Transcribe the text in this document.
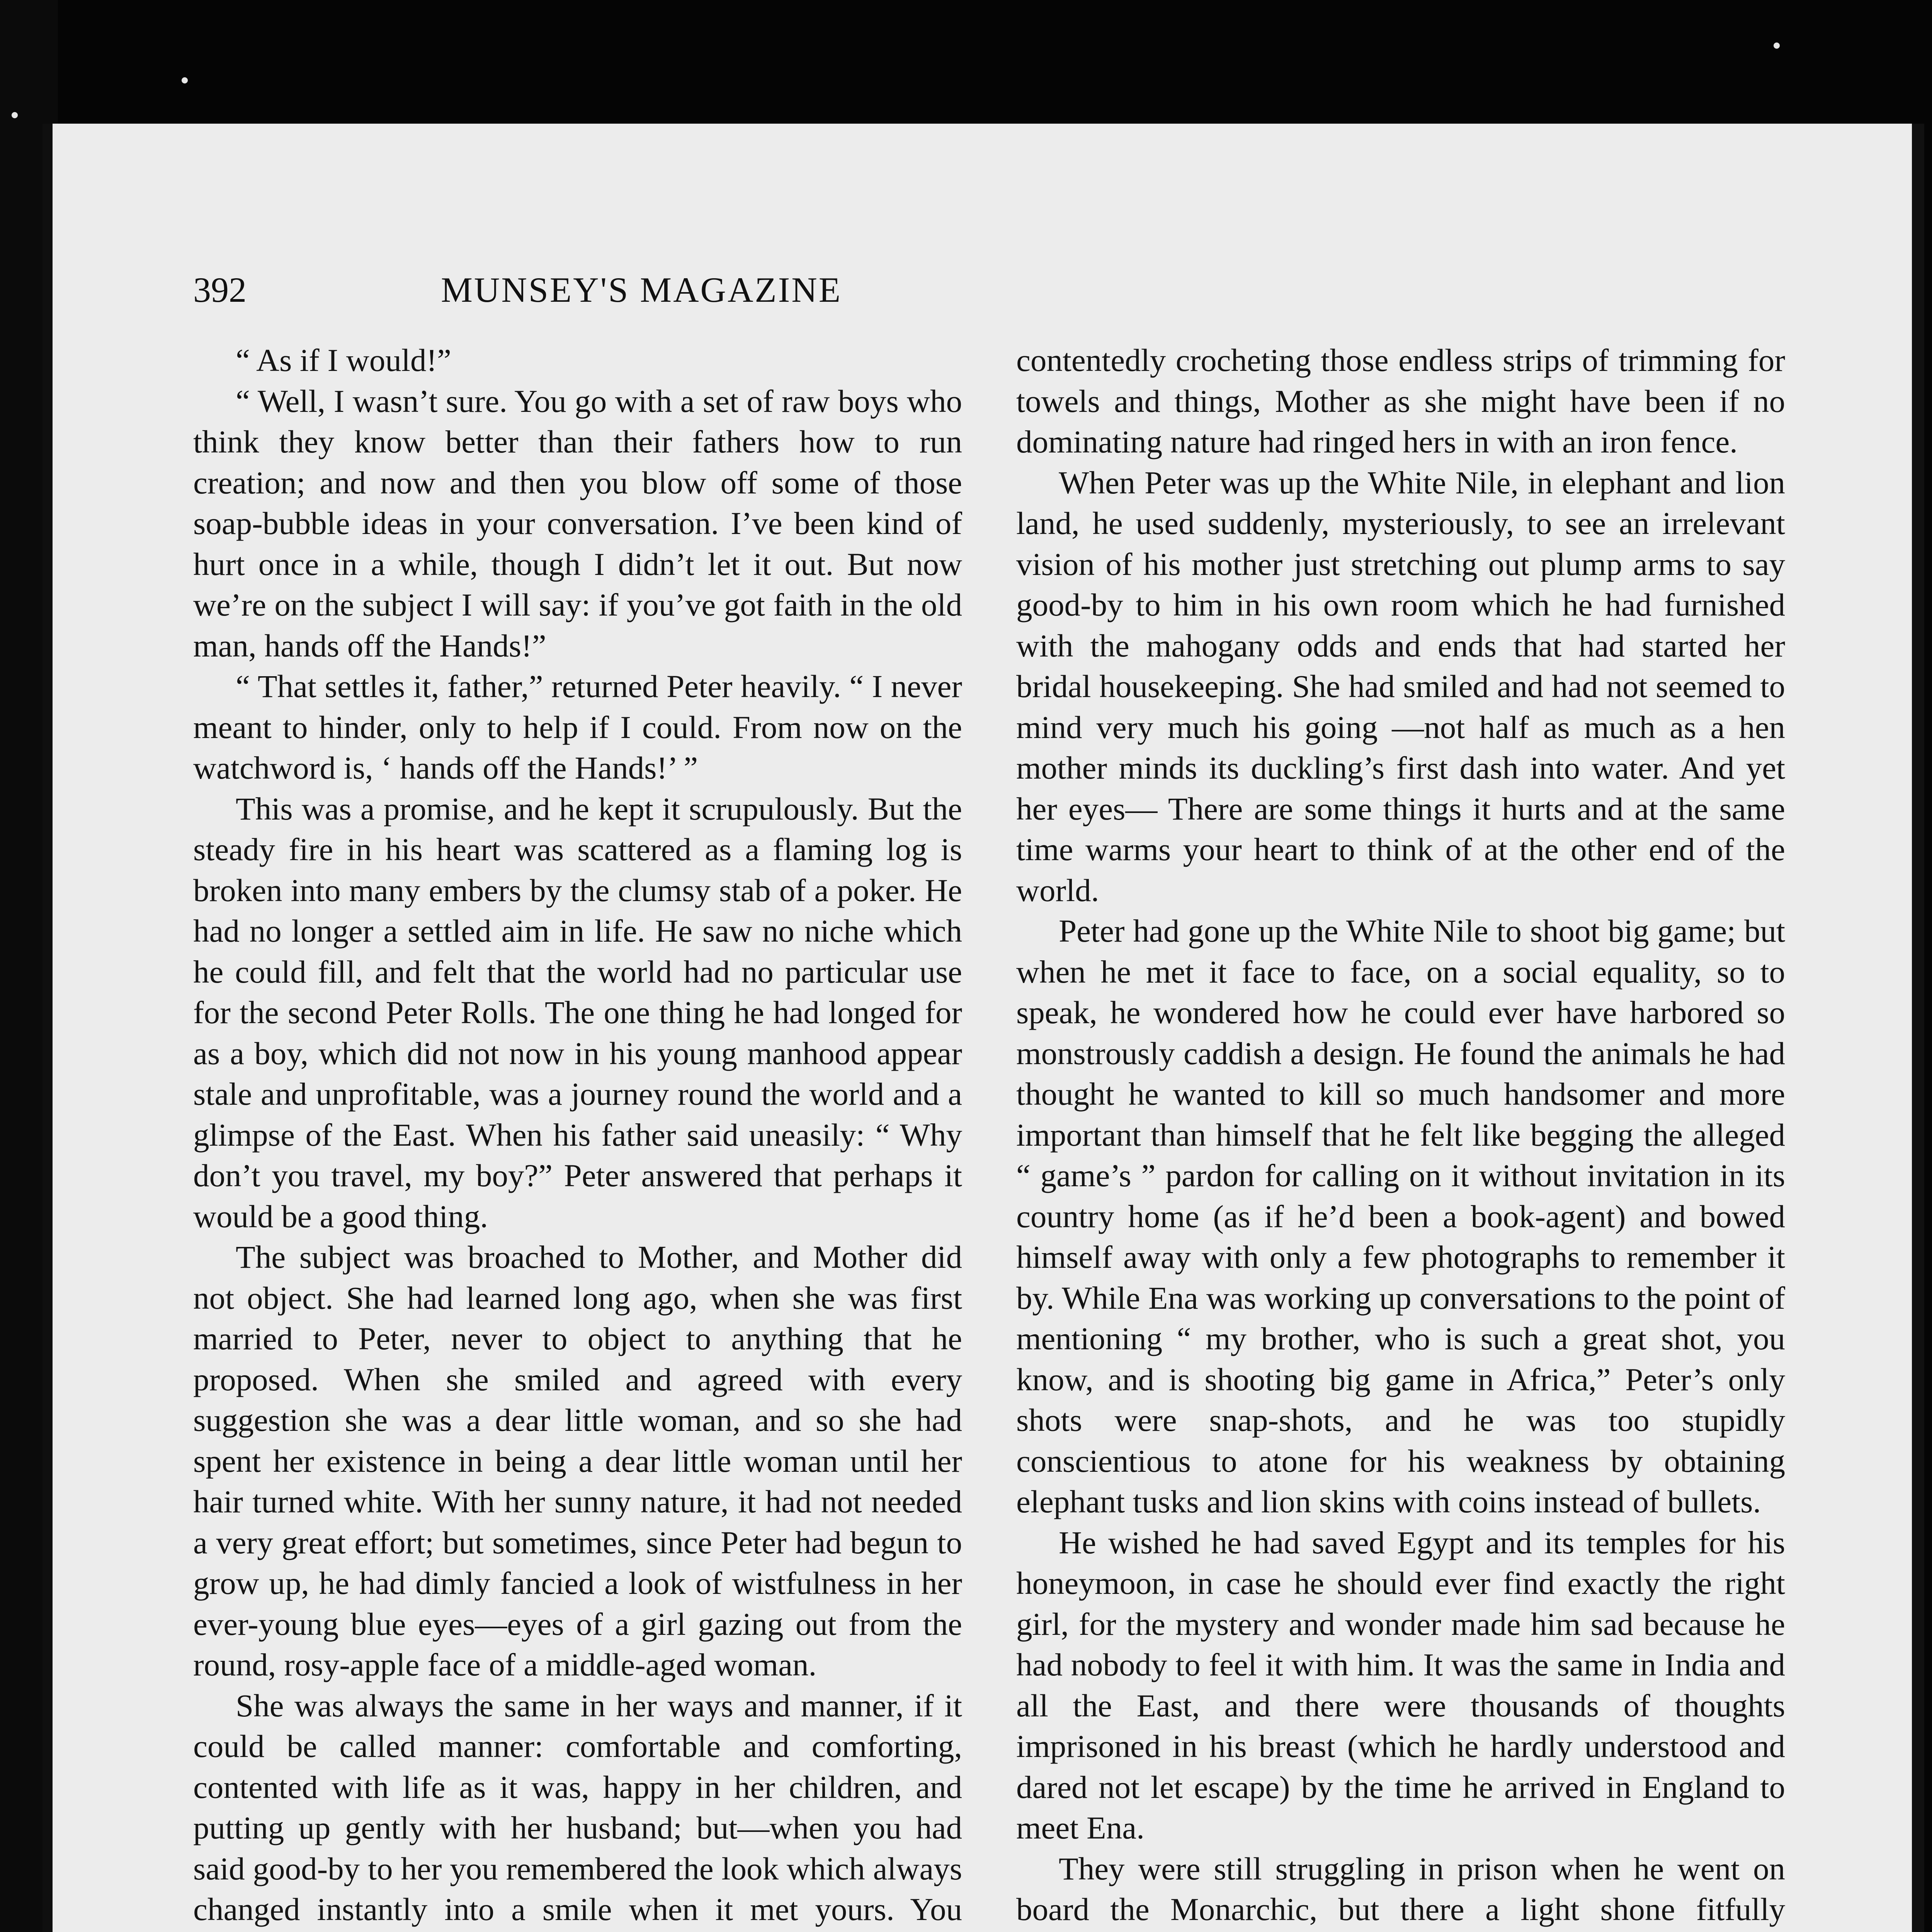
392	MUNSEY'S MAGAZINE

“ As if I would!”

“ Well, I wasn’t sure. You go with a set of raw boys who think they know better than their fathers how to run creation; and now and then you blow off some of those soap-bubble ideas in your conversation. I’ve been kind of hurt once in a while, though I didn’t let it out. But now we’re on the subject I will say: if you’ve got faith in the old man, hands off the Hands!”

“ That settles it, father,” returned Peter heavily. “ I never meant to hinder, only to help if I could. From now on the watchword is, ‘ hands off the Hands!’ ”

This was a promise, and he kept it scrupulously. But the steady fire in his heart was scattered as a flaming log is broken into many embers by the clumsy stab of a poker. He had no longer a settled aim in life. He saw no niche which he could fill, and felt that the world had no particular use for the second Peter Rolls. The one thing he had longed for as a boy, which did not now in his young manhood appear stale and unprofitable, was a journey round the world and a glimpse of the East. When his father said uneasily: “ Why don’t you travel, my boy?” Peter answered that perhaps it would be a good thing.

The subject was broached to Mother, and Mother did not object. She had learned long ago, when she was first married to Peter, never to object to anything that he proposed. When she smiled and agreed with every suggestion she was a dear little woman, and so she had spent her existence in being a dear little woman until her hair turned white. With her sunny nature, it had not needed a very great effort; but sometimes, since Peter had begun to grow up, he had dimly fancied a look of wistfulness in her ever-young blue eyes—eyes of a girl gazing out from the round, rosy-apple face of a middle-aged woman.

She was always the same in her ways and manner, if it could be called manner: comfortable and comforting, contented with life as it was, happy in her children, and putting up gently with her husband; but—when you had said good-by to her you remembered the look which always changed instantly into a smile when it met yours. You

contentedly crocheting those endless strips of trimming for towels and things, Mother as she might have been if no dominating nature had ringed hers in with an iron fence.

When Peter was up the White Nile, in elephant and lion land, he used suddenly, mysteriously, to see an irrelevant vision of his mother just stretching out plump arms to say good-by to him in his own room which he had furnished with the mahogany odds and ends that had started her bridal housekeeping. She had smiled and had not seemed to mind very much his going —not half as much as a hen mother minds its duckling’s first dash into water. And yet her eyes— There are some things it hurts and at the same time warms your heart to think of at the other end of the world.

Peter had gone up the White Nile to shoot big game; but when he met it face to face, on a social equality, so to speak, he wondered how he could ever have harbored so monstrously caddish a design. He found the animals he had thought he wanted to kill so much handsomer and more important than himself that he felt like begging the alleged “ game’s ” pardon for calling on it without invitation in its country home (as if he’d been a book-agent) and bowed himself away with only a few photographs to remember it by. While Ena was working up conversations to the point of mentioning “ my brother, who is such a great shot, you know, and is shooting big game in Africa,” Peter’s only shots were snap-shots, and he was too stupidly conscientious to atone for his weakness by obtaining elephant tusks and lion skins with coins instead of bullets.

He wished he had saved Egypt and its temples for his honeymoon, in case he should ever find exactly the right girl, for the mystery and wonder made him sad because he had nobody to feel it with him. It was the same in India and all the East, and there were thousands of thoughts imprisoned in his breast (which he hardly understood and dared not let escape) by the time he arrived in England to meet Ena.

They were still struggling in prison when he went on board the Monarchic, but there a light shone fitfully
